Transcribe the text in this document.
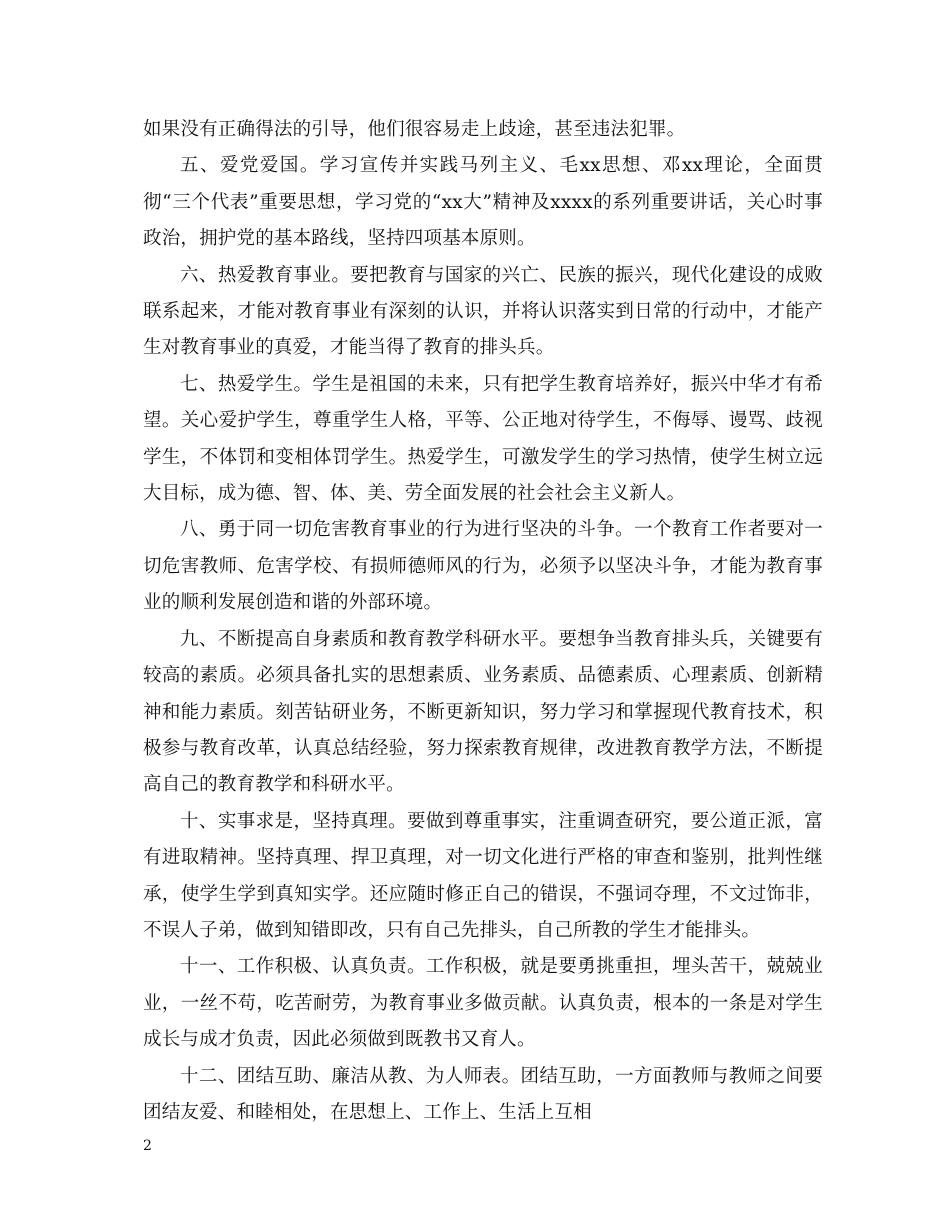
如果没有正确得法的引导，他们很容易走上歧途，甚至违法犯罪。

五、爱党爱国。学习宣传并实践马列主义、毛xx思想、邓xx理论，全面贯彻“三个代表”重要思想，学习党的“xx大”精神及xxxx的系列重要讲话，关心时事政治，拥护党的基本路线，坚持四项基本原则。

六、热爱教育事业。要把教育与国家的兴亡、民族的振兴，现代化建设的成败联系起来，才能对教育事业有深刻的认识，并将认识落实到日常的行动中，才能产生对教育事业的真爱，才能当得了教育的排头兵。

七、热爱学生。学生是祖国的未来，只有把学生教育培养好，振兴中华才有希望。关心爱护学生，尊重学生人格，平等、公正地对待学生，不侮辱、谩骂、歧视学生，不体罚和变相体罚学生。热爱学生，可激发学生的学习热情，使学生树立远大目标，成为德、智、体、美、劳全面发展的社会社会主义新人。

八、勇于同一切危害教育事业的行为进行坚决的斗争。一个教育工作者要对一切危害教师、危害学校、有损师德师风的行为，必须予以坚决斗争，才能为教育事业的顺利发展创造和谐的外部环境。

九、不断提高自身素质和教育教学科研水平。要想争当教育排头兵，关键要有较高的素质。必须具备扎实的思想素质、业务素质、品德素质、心理素质、创新精神和能力素质。刻苦钻研业务，不断更新知识，努力学习和掌握现代教育技术，积极参与教育改革，认真总结经验，努力探索教育规律，改进教育教学方法，不断提高自己的教育教学和科研水平。

十、实事求是，坚持真理。要做到尊重事实，注重调查研究，要公道正派，富有进取精神。坚持真理、捍卫真理，对一切文化进行严格的审查和鉴别，批判性继承，使学生学到真知实学。还应随时修正自己的错误，不强词夺理，不文过饰非，不误人子弟，做到知错即改，只有自己先排头，自己所教的学生才能排头。

十一、工作积极、认真负责。工作积极，就是要勇挑重担，埋头苦干，兢兢业业，一丝不苟，吃苦耐劳，为教育事业多做贡献。认真负责，根本的一条是对学生成长与成才负责，因此必须做到既教书又育人。

十二、团结互助、廉洁从教、为人师表。团结互助，一方面教师与教师之间要团结友爱、和睦相处，在思想上、工作上、生活上互相

2
